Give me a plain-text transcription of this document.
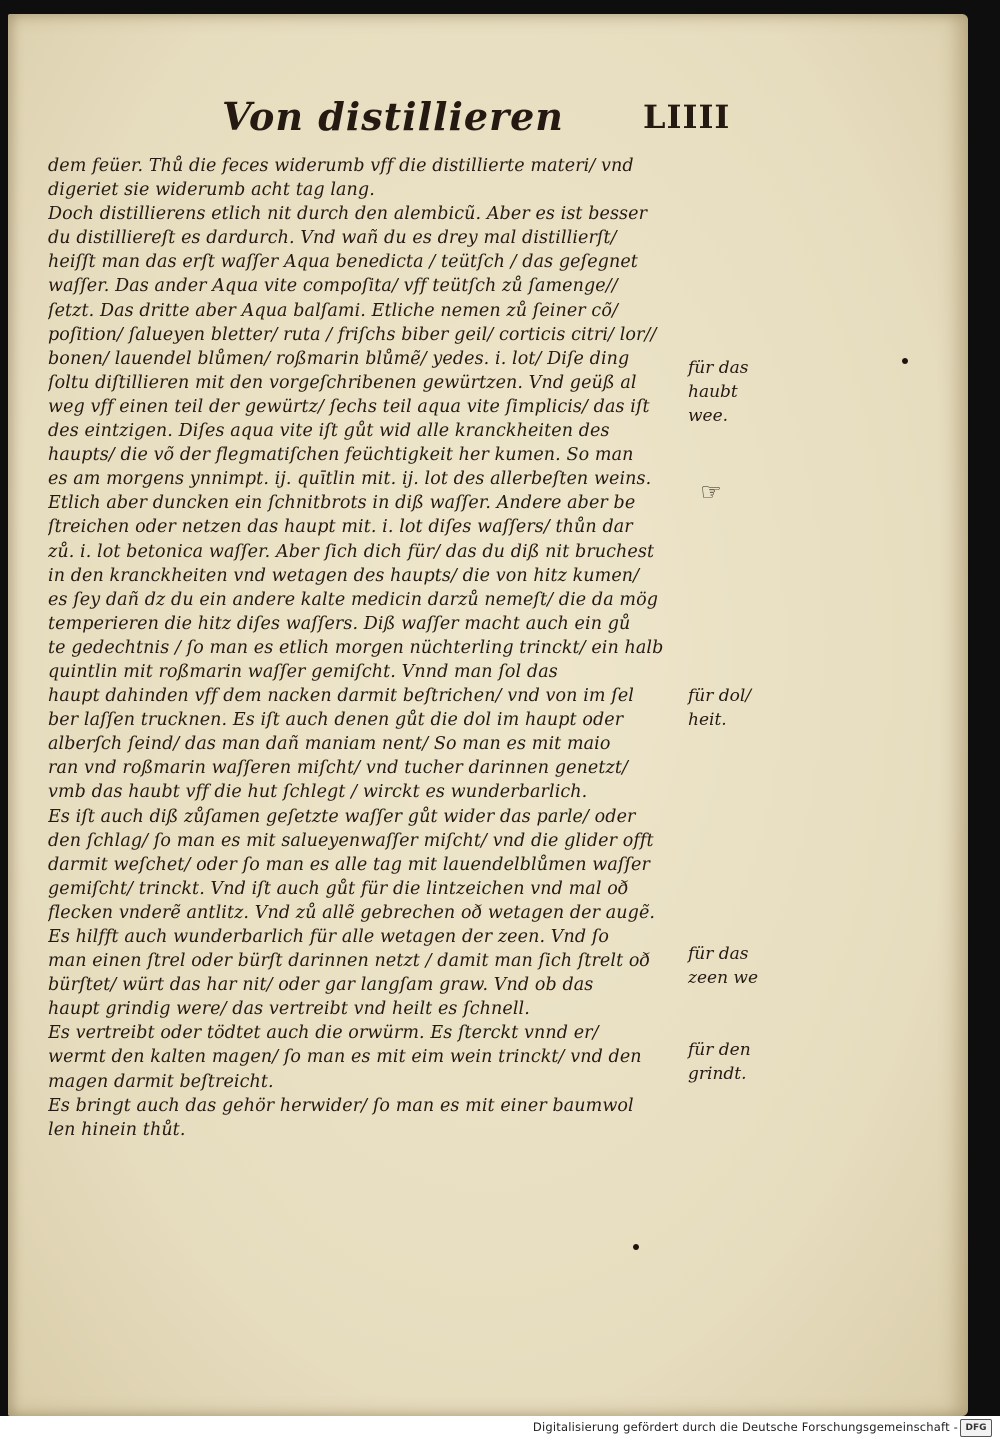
Von distillieren	LIIII
dem feüer. Thů die feces widerumb vff die distillierte materi/ vnd
digeriet sie widerumb acht tag lang.
Doch distillierens etlich nit durch den alembicũ. Aber es ist besser
du distilliereſt es dardurch. Vnd wañ du es drey mal distillierſt/
heiſſt man das erſt waſſer Aqua benedicta / teütſch / das geſegnet
waſſer. Das ander Aqua vite compoſita/ vff teütſch zů ſamenge//
ſetzt. Das dritte aber Aqua balſami. Etliche nemen zů ſeiner cõ/
poſition/ ſalueyen bletter/ ruta / friſchs biber geil/ corticis citri/ lor//
bonen/ lauendel blůmen/ roßmarin blůmẽ/ yedes. i. lot/ Diſe ding
ſoltu diſtillieren mit den vorgeſchribenen gewürtzen. Vnd geüß al
weg vff einen teil der gewürtz/ ſechs teil aqua vite ſimplicis/ das iſt
des eintzigen. Diſes aqua vite iſt gůt wid alle kranckheiten des
haupts/ die võ der flegmatiſchen feüchtigkeit her kumen. So man
es am morgens ynnimpt. ij. quītlin mit. ij. lot des allerbeſten weins.
Etlich aber duncken ein ſchnitbrots in diß waſſer. Andere aber be
ſtreichen oder netzen das haupt mit. i. lot diſes waſſers/ thůn dar
zů. i. lot betonica waſſer. Aber ſich dich für/ das du diß nit bruchest
in den kranckheiten vnd wetagen des haupts/ die von hitz kumen/
es ſey dañ dz du ein andere kalte medicin darzů nemeſt/ die da mög
temperieren die hitz diſes waſſers. Diß waſſer macht auch ein gů
te gedechtnis / ſo man es etlich morgen nüchterling trinckt/ ein halb
quintlin mit roßmarin waſſer gemiſcht. Vnnd man ſol das
haupt dahinden vff dem nacken darmit beſtrichen/ vnd von im ſel
ber laſſen trucknen. Es iſt auch denen gůt die dol im haupt oder
alberſch ſeind/ das man dañ maniam nent/ So man es mit maio
ran vnd roßmarin waſſeren miſcht/ vnd tucher darinnen genetzt/
vmb das haubt vff die hut ſchlegt / wirckt es wunderbarlich.
Es iſt auch diß zůſamen geſetzte waſſer gůt wider das parle/ oder
den ſchlag/ ſo man es mit salueyenwaſſer miſcht/ vnd die glider offt
darmit weſchet/ oder ſo man es alle tag mit lauendelblůmen waſſer
gemiſcht/ trinckt. Vnd iſt auch gůt für die lintzeichen vnd mal oð
flecken vnderẽ antlitz. Vnd zů allẽ gebrechen oð wetagen der augẽ.
Es hilfft auch wunderbarlich für alle wetagen der zeen. Vnd ſo
man einen ſtrel oder bürſt darinnen netzt / damit man ſich ſtrelt oð
bürſtet/ würt das har nit/ oder gar langſam graw. Vnd ob das
haupt grindig were/ das vertreibt vnd heilt es ſchnell.
Es vertreibt oder tödtet auch die orwürm. Es ſterckt vnnd er/
wermt den kalten magen/ ſo man es mit eim wein trinckt/ vnd den
magen darmit beſtreicht.
Es bringt auch das gehör herwider/ ſo man es mit einer baumwol
len hinein thůt.
für das
haubt
wee.
☞
für dol/
heit.
für das
zeen we
für den
grindt.
Digitalisierung gefördert durch die Deutsche Forschungsgemeinschaft - DFG
